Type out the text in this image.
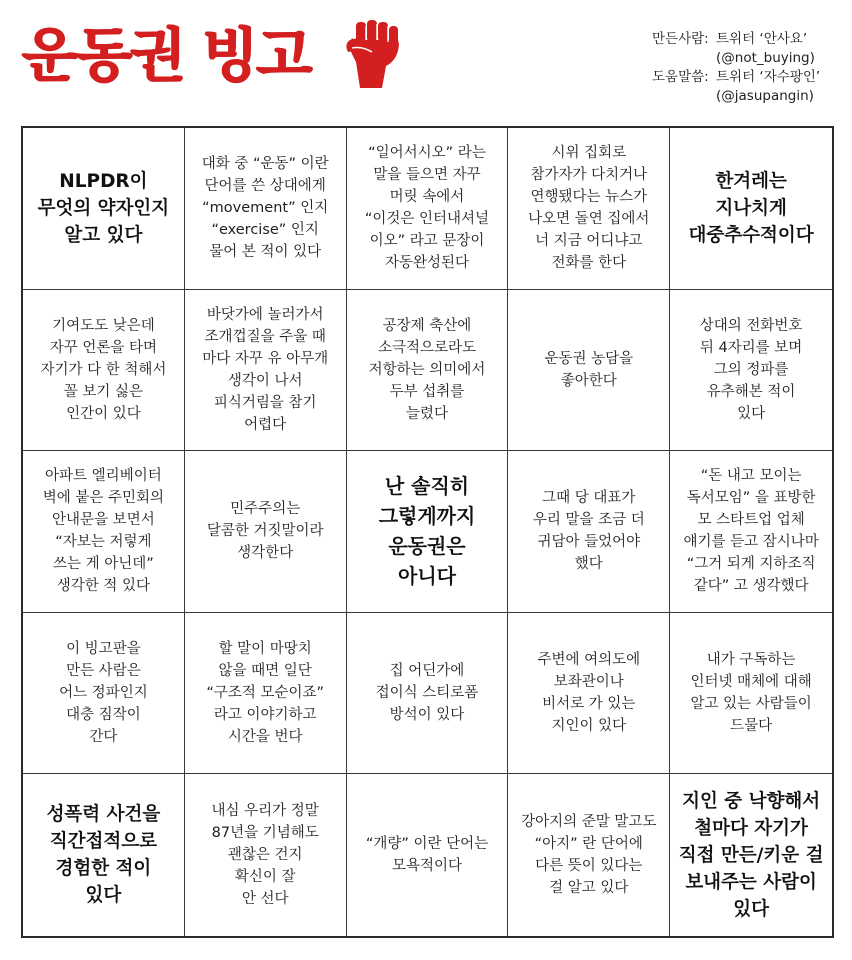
운동권 빙고	만든사람: 트위터 ‘안사요’
(@not_buying)
도움말씀: 트위터 ‘자수팡인’
(@jasupangin)
NLPDR이
무엇의 약자인지
알고 있다
대화 중 “운동” 이란
단어를 쓴 상대에게
“movement” 인지
“exercise” 인지
물어 본 적이 있다
“일어서시오” 라는
말을 들으면 자꾸
머릿 속에서
“이것은 인터내셔널
이오” 라고 문장이
자동완성된다
시위 집회로
참가자가 다치거나
연행됐다는 뉴스가
나오면 돌연 집에서
너 지금 어디냐고
전화를 한다
한겨레는
지나치게
대중추수적이다
기여도도 낮은데
자꾸 언론을 타며
자기가 다 한 척해서
꼴 보기 싫은
인간이 있다
바닷가에 놀러가서
조개껍질을 주울 때
마다 자꾸 유 아무개
생각이 나서
피식거림을 참기
어렵다
공장제 축산에
소극적으로라도
저항하는 의미에서
두부 섭취를
늘렸다
운동권 농담을
좋아한다
상대의 전화번호
뒤 4자리를 보며
그의 정파를
유추해본 적이
있다
아파트 엘리베이터
벽에 붙은 주민회의
안내문을 보면서
“자보는 저렇게
쓰는 게 아닌데”
생각한 적 있다
민주주의는
달콤한 거짓말이라
생각한다
난 솔직히
그렇게까지
운동권은
아니다
그때 당 대표가
우리 말을 조금 더
귀담아 들었어야
했다
“돈 내고 모이는
독서모임” 을 표방한
모 스타트업 업체
얘기를 듣고 잠시나마
“그거 되게 지하조직
같다” 고 생각했다
이 빙고판을
만든 사람은
어느 정파인지
대충 짐작이
간다
할 말이 마땅치
않을 때면 일단
“구조적 모순이죠”
라고 이야기하고
시간을 번다
집 어딘가에
접이식 스티로폼
방석이 있다
주변에 여의도에
보좌관이나
비서로 가 있는
지인이 있다
내가 구독하는
인터넷 매체에 대해
알고 있는 사람들이
드물다
성폭력 사건을
직간접적으로
경험한 적이
있다
내심 우리가 정말
87년을 기념해도
괜찮은 건지
확신이 잘
안 선다
“개량” 이란 단어는
모욕적이다
강아지의 준말 말고도
“아지” 란 단어에
다른 뜻이 있다는
걸 알고 있다
지인 중 낙향해서
철마다 자기가
직접 만든/키운 걸
보내주는 사람이
있다
